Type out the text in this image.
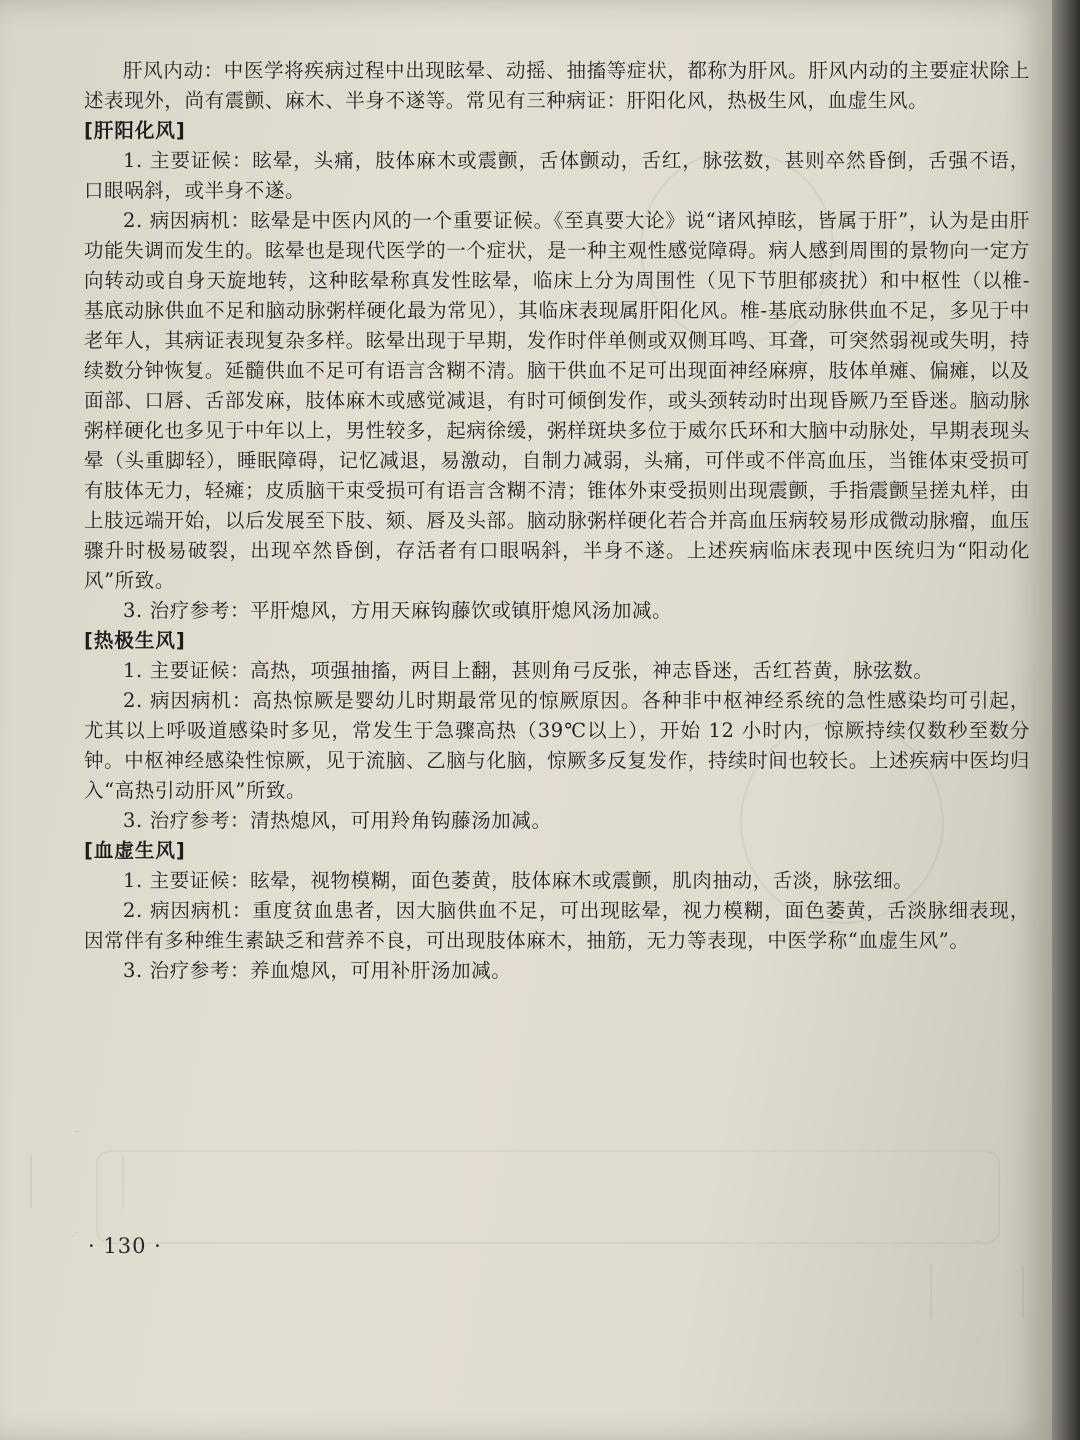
肝风内动：中医学将疾病过程中出现眩晕、动摇、抽搐等症状，都称为肝风。肝风内动的主要症状除上述表现外，尚有震颤、麻木、半身不遂等。常见有三种病证：肝阳化风，热极生风，血虚生风。

[肝阳化风]

1. 主要证候：眩晕，头痛，肢体麻木或震颤，舌体颤动，舌红，脉弦数，甚则卒然昏倒，舌强不语，口眼㖞斜，或半身不遂。

2. 病因病机：眩晕是中医内风的一个重要证候。《至真要大论》说“诸风掉眩，皆属于肝”，认为是由肝功能失调而发生的。眩晕也是现代医学的一个症状，是一种主观性感觉障碍。病人感到周围的景物向一定方向转动或自身天旋地转，这种眩晕称真发性眩晕，临床上分为周围性（见下节胆郁痰扰）和中枢性（以椎-基底动脉供血不足和脑动脉粥样硬化最为常见），其临床表现属肝阳化风。椎-基底动脉供血不足，多见于中老年人，其病证表现复杂多样。眩晕出现于早期，发作时伴单侧或双侧耳鸣、耳聋，可突然弱视或失明，持续数分钟恢复。延髓供血不足可有语言含糊不清。脑干供血不足可出现面神经麻痹，肢体单瘫、偏瘫，以及面部、口唇、舌部发麻，肢体麻木或感觉减退，有时可倾倒发作，或头颈转动时出现昏厥乃至昏迷。脑动脉粥样硬化也多见于中年以上，男性较多，起病徐缓，粥样斑块多位于威尔氏环和大脑中动脉处，早期表现头晕（头重脚轻），睡眠障碍，记忆减退，易激动，自制力减弱，头痛，可伴或不伴高血压，当锥体束受损可有肢体无力，轻瘫；皮质脑干束受损可有语言含糊不清；锥体外束受损则出现震颤，手指震颤呈搓丸样，由上肢远端开始，以后发展至下肢、颏、唇及头部。脑动脉粥样硬化若合并高血压病较易形成微动脉瘤，血压骤升时极易破裂，出现卒然昏倒，存活者有口眼㖞斜，半身不遂。上述疾病临床表现中医统归为“阳动化风”所致。

3. 治疗参考：平肝熄风，方用天麻钩藤饮或镇肝熄风汤加减。

[热极生风]

1. 主要证候：高热，项强抽搐，两目上翻，甚则角弓反张，神志昏迷，舌红苔黄，脉弦数。

2. 病因病机：高热惊厥是婴幼儿时期最常见的惊厥原因。各种非中枢神经系统的急性感染均可引起，尤其以上呼吸道感染时多见，常发生于急骤高热（39℃以上），开始 12 小时内，惊厥持续仅数秒至数分钟。中枢神经感染性惊厥，见于流脑、乙脑与化脑，惊厥多反复发作，持续时间也较长。上述疾病中医均归入“高热引动肝风”所致。

3. 治疗参考：清热熄风，可用羚角钩藤汤加减。

[血虚生风]

1. 主要证候：眩晕，视物模糊，面色萎黄，肢体麻木或震颤，肌肉抽动，舌淡，脉弦细。

2. 病因病机：重度贫血患者，因大脑供血不足，可出现眩晕，视力模糊，面色萎黄，舌淡脉细表现，因常伴有多种维生素缺乏和营养不良，可出现肢体麻木，抽筋，无力等表现，中医学称“血虚生风”。

3. 治疗参考：养血熄风，可用补肝汤加减。

· 130 ·
